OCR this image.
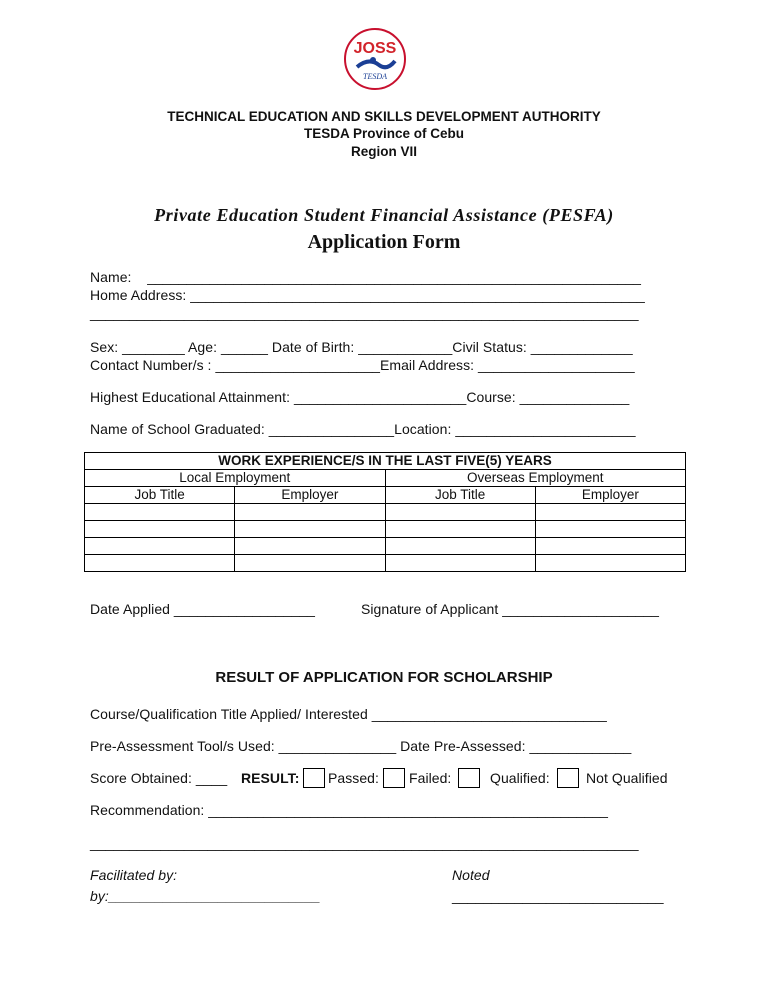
JOSS
TESDA
TECHNICAL EDUCATION AND SKILLS DEVELOPMENT AUTHORITY
TESDA Province of Cebu
Region VII
Private Education Student Financial Assistance (PESFA)
Application Form
Name:    _______________________________________________________________
Home Address: __________________________________________________________
______________________________________________________________________
Sex: ________ Age: ______ Date of Birth: ____________Civil Status: _____________
Contact Number/s : _____________________Email Address: ____________________
Highest Educational Attainment: ______________________Course: ______________
Name of School Graduated: ________________Location: _______________________
WORK EXPERIENCE/S IN THE LAST FIVE(5) YEARS			
Local Employment		Overseas Employment	
Job Title	Employer	Job Title	Employer

Date Applied __________________	Signature of Applicant ____________________
RESULT OF APPLICATION FOR SCHOLARSHIP
Course/Qualification Title Applied/ Interested ______________________________
Pre-Assessment Tool/s Used: _______________ Date Pre-Assessed: _____________
Score Obtained: ____ RESULT: Passed: Failed:	Qualified:	Not Qualified
Recommendation: ___________________________________________________
______________________________________________________________________
Facilitated by:
by:___________________________
Noted
___________________________
